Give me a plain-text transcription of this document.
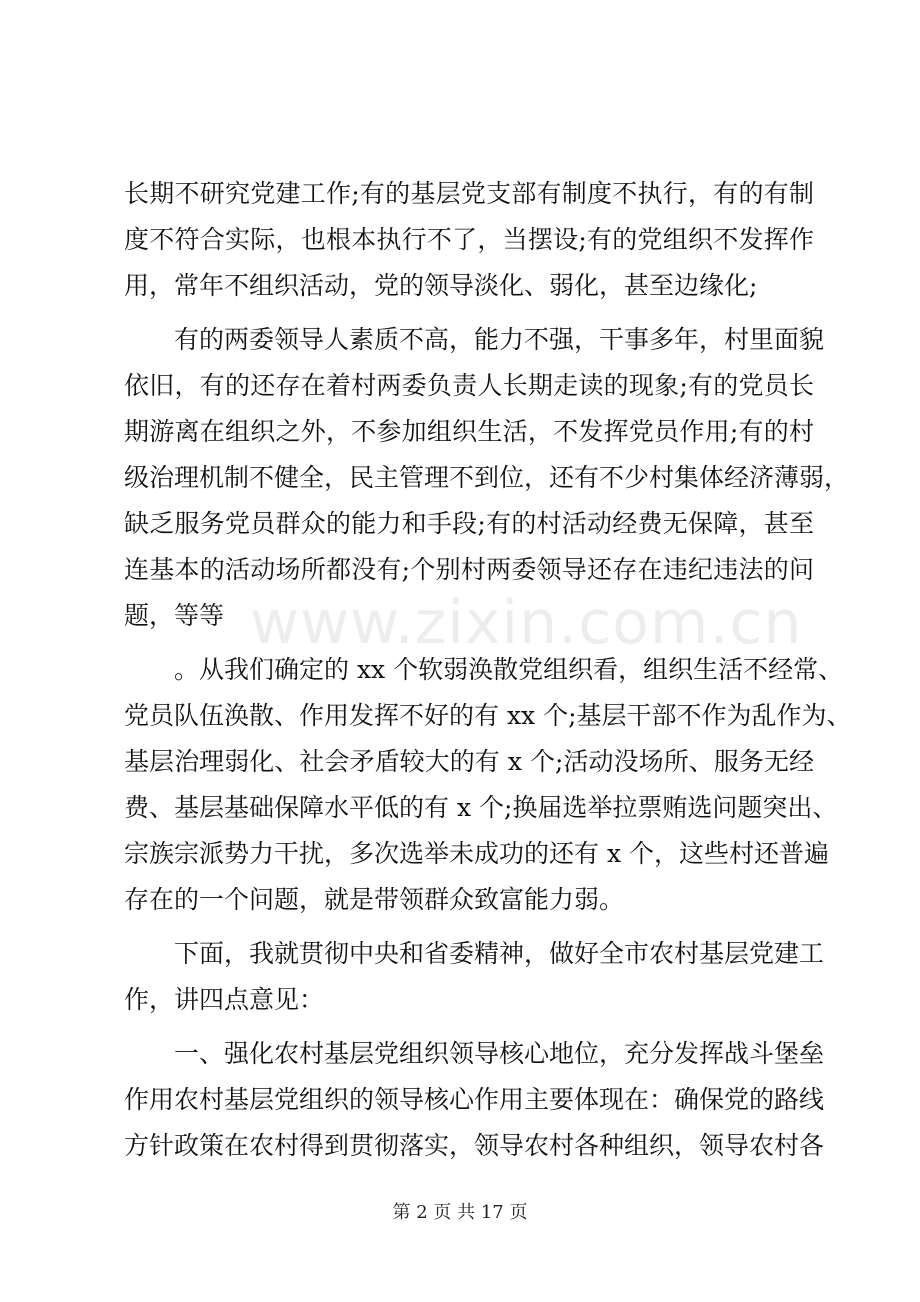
www.zixin.com.cn
长期不研究党建工作;有的基层党支部有制度不执行，有的有制
度不符合实际，也根本执行不了，当摆设;有的党组织不发挥作
用，常年不组织活动，党的领导淡化、弱化，甚至边缘化;
有的两委领导人素质不高，能力不强，干事多年，村里面貌
依旧，有的还存在着村两委负责人长期走读的现象;有的党员长
期游离在组织之外，不参加组织生活，不发挥党员作用;有的村
级治理机制不健全，民主管理不到位，还有不少村集体经济薄弱，
缺乏服务党员群众的能力和手段;有的村活动经费无保障，甚至
连基本的活动场所都没有;个别村两委领导还存在违纪违法的问
题，等等
。从我们确定的 xx 个软弱涣散党组织看，组织生活不经常、
党员队伍涣散、作用发挥不好的有 xx 个;基层干部不作为乱作为、
基层治理弱化、社会矛盾较大的有 x 个;活动没场所、服务无经
费、基层基础保障水平低的有 x 个;换届选举拉票贿选问题突出、
宗族宗派势力干扰，多次选举未成功的还有 x 个，这些村还普遍
存在的一个问题，就是带领群众致富能力弱。
下面，我就贯彻中央和省委精神，做好全市农村基层党建工
作，讲四点意见：
一、强化农村基层党组织领导核心地位，充分发挥战斗堡垒
作用农村基层党组织的领导核心作用主要体现在：确保党的路线
方针政策在农村得到贯彻落实，领导农村各种组织，领导农村各
第 2 页 共 17 页
